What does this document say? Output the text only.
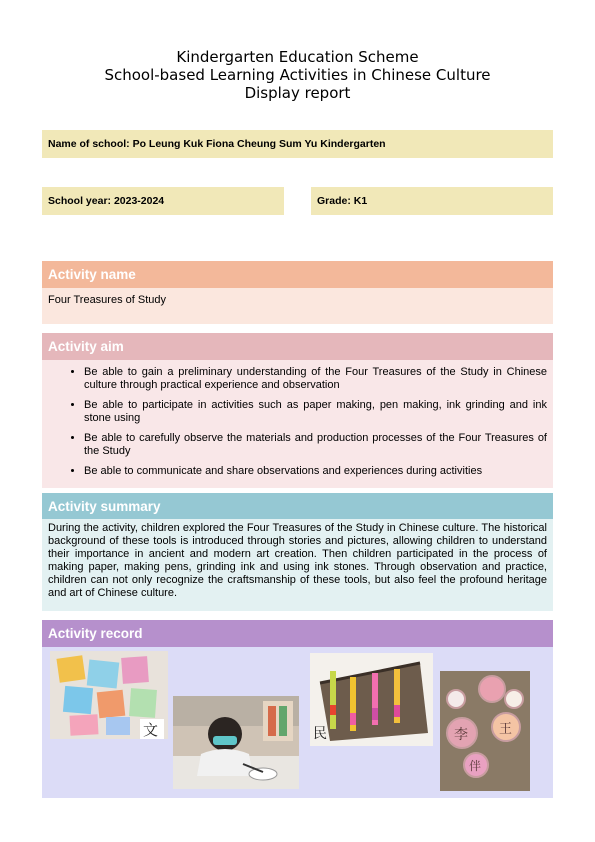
Kindergarten Education Scheme
School-based Learning Activities in Chinese Culture
Display report
Name of school: Po Leung Kuk Fiona Cheung Sum Yu Kindergarten
School year: 2023-2024	Grade: K1
Activity name
Four Treasures of Study
Activity aim
• Be able to gain a preliminary understanding of the Four Treasures of the Study in Chinese culture through practical experience and observation
• Be able to participate in activities such as paper making, pen making, ink grinding and ink stone using
• Be able to carefully observe the materials and production processes of the Four Treasures of the Study
• Be able to communicate and share observations and experiences during activities
Activity summary
During the activity, children explored the Four Treasures of the Study in Chinese culture. The historical background of these tools is introduced through stories and pictures, allowing children to understand their importance in ancient and modern art creation. Then children participated in the process of making paper, making pens, grinding ink and using ink stones. Through observation and practice, children can not only recognize the craftsmanship of these tools, but also feel the profound heritage and art of Chinese culture.
Activity record
文	民	李 王
伴
